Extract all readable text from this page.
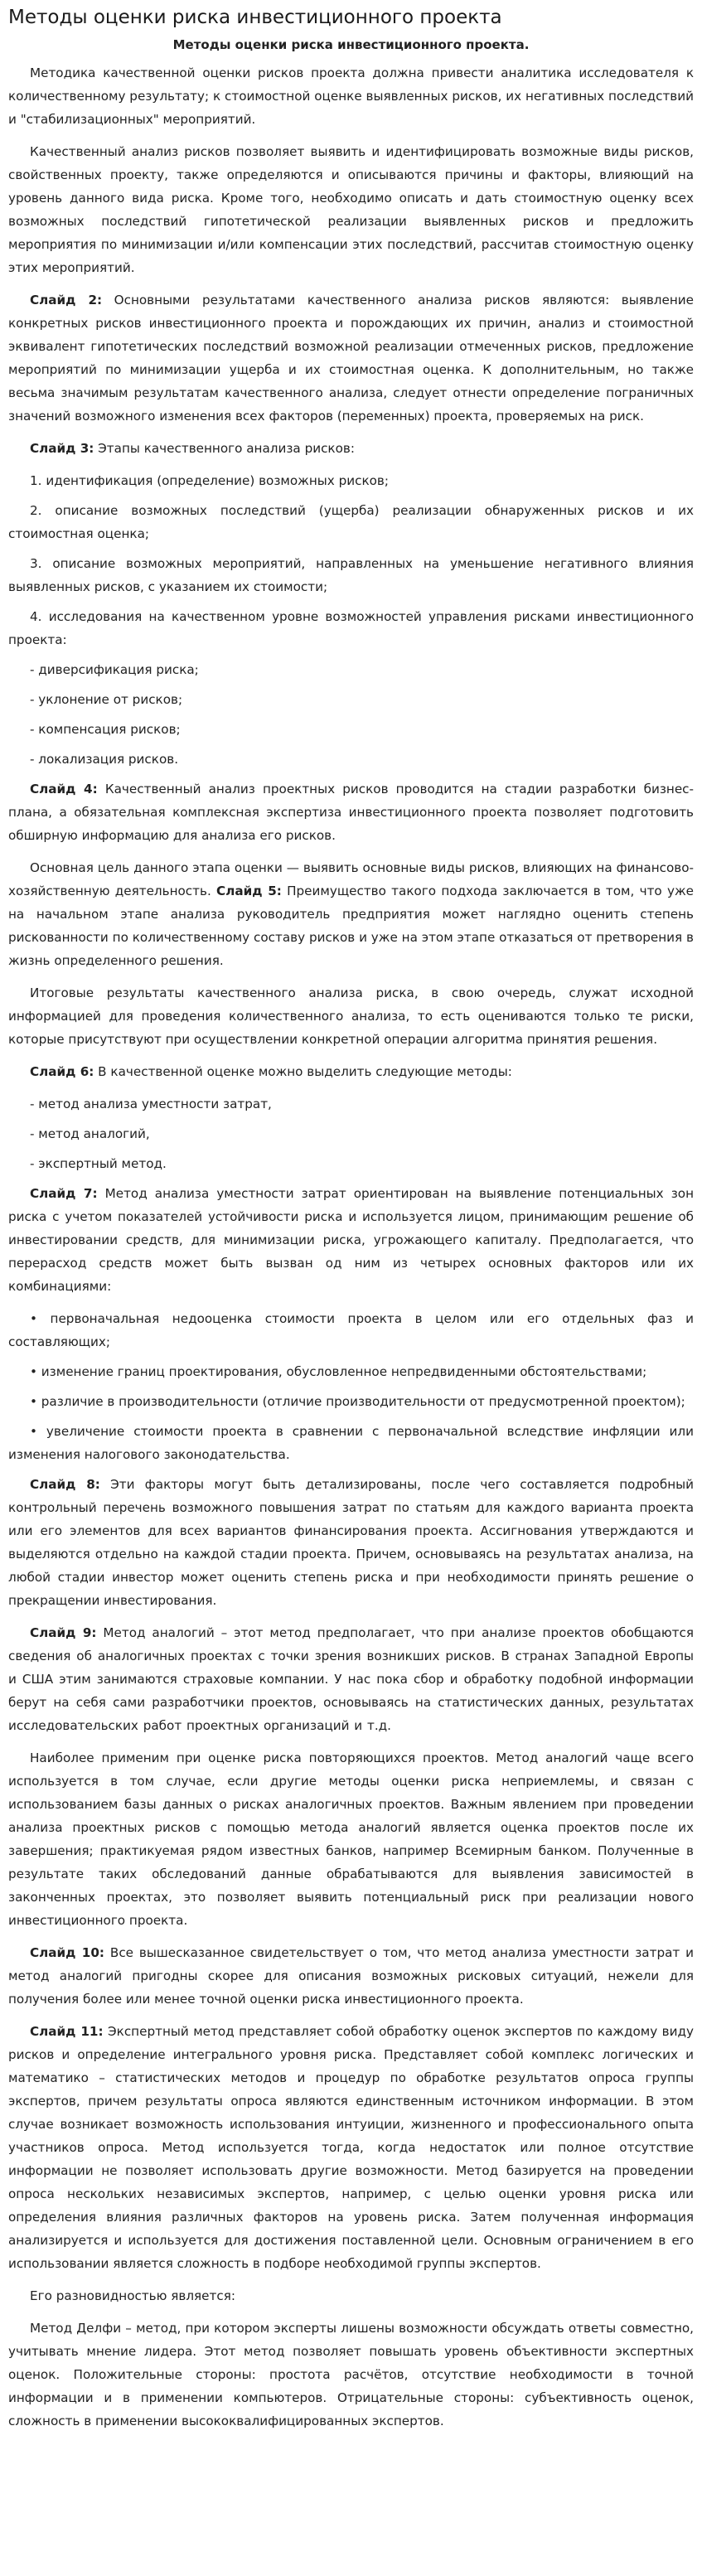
Методы оценки риска инвестиционного проекта
Методы оценки риска инвестиционного проекта.

Методика качественной оценки рисков проекта должна привести аналитика исследователя к количественному результату; к стоимостной оценке выявленных рисков, их негативных последствий и "стабилизационных" мероприятий.

Качественный анализ рисков позволяет выявить и идентифицировать возможные виды рисков, свойственных проекту, также определяются и описываются причины и факторы, влияющий на уровень данного вида риска. Кроме того, необходимо описать и дать стоимостную оценку всех возможных последствий гипотетической реализации выявленных рисков и предложить мероприятия по минимизации и/или компенсации этих последствий, рассчитав стоимостную оценку этих мероприятий.

Слайд 2: Основными результатами качественного анализа рисков являются: выявление конкретных рисков инвестиционного проекта и порождающих их причин, анализ и стоимостной эквивалент гипотетических последствий возможной реализации отмеченных рисков, предложение мероприятий по минимизации ущерба и их стоимостная оценка. К дополнительным, но также весьма значимым результатам качественного анализа, следует отнести определение пограничных значений возможного изменения всех факторов (переменных) проекта, проверяемых на риск.

Слайд 3: Этапы качественного анализа рисков:

1. идентификация (определение) возможных рисков;

2. описание возможных последствий (ущерба) реализации обнаруженных рисков и их стоимостная оценка;

3. описание возможных мероприятий, направленных на уменьшение негативного влияния выявленных рисков, с указанием их стоимости;

4. исследования на качественном уровне возможностей управления рисками инвестиционного проекта:

- диверсификация риска;

- уклонение от рисков;

- компенсация рисков;

- локализация рисков.

Слайд 4: Качественный анализ проектных рисков проводится на стадии разработки бизнес-плана, а обязательная комплексная экспертиза инвестиционного проекта позволяет подготовить обширную информацию для анализа его рисков.

Основная цель данного этапа оценки — выявить основные виды рисков, влияющих на финансово-хозяйственную деятельность. Слайд 5: Преимущество такого подхода заключается в том, что уже на начальном этапе анализа руководитель предприятия может наглядно оценить степень рискованности по количественному составу рисков и уже на этом этапе отказаться от претворения в жизнь определенного решения.

Итоговые результаты качественного анализа риска, в свою очередь, служат исходной информацией для проведения количественного анализа, то есть оцениваются только те риски, которые присутствуют при осуществлении конкретной операции алгоритма принятия решения.

Слайд 6: В качественной оценке можно выделить следующие методы:

- метод анализа уместности затрат,

- метод аналогий,

- экспертный метод.

Слайд 7: Метод анализа уместности затрат ориентирован на выявление потенциальных зон риска с учетом показателей устойчивости риска и используется лицом, принимающим решение об инвестировании средств, для минимизации риска, угрожающего капиталу. Предполагается, что перерасход средств может быть вызван од ним из четырех основных факторов или их комбинациями:

• первоначальная недооценка стоимости проекта в целом или его отдельных фаз и составляющих;

• изменение границ проектирования, обусловленное непредвиденными обстоятельствами;

• различие в производительности (отличие производительности от предусмотренной проектом);

• увеличение стоимости проекта в сравнении с первоначальной вследствие инфляции или изменения налогового законодательства.

Слайд 8: Эти факторы могут быть детализированы, после чего составляется подробный контрольный перечень возможного повышения затрат по статьям для каждого варианта проекта или его элементов для всех вариантов финансирования проекта. Ассигнования утверждаются и выделяются отдельно на каждой стадии проекта. Причем, основываясь на результатах анализа, на любой стадии инвестор может оценить степень риска и при необходимости принять решение о прекращении инвестирования.

Слайд 9: Метод аналогий – этот метод предполагает, что при анализе проектов обобщаются сведения об аналогичных проектах с точки зрения возникших рисков. В странах Западной Европы и США этим занимаются страховые компании. У нас пока сбор и обработку подобной информации берут на себя сами разработчики проектов, основываясь на статистических данных, результатах исследовательских работ проектных организаций и т.д.

Наиболее применим при оценке риска повторяющихся проектов. Метод аналогий чаще всего используется в том случае, если другие методы оценки риска неприемлемы, и связан с использованием базы данных о рисках аналогичных проектов. Важным явлением при проведении анализа проектных рисков с помощью метода аналогий является оценка проектов после их завершения; практикуемая рядом известных банков, например Всемирным банком. Полученные в результате таких обследований данные обрабатываются для выявления зависимостей в законченных проектах, это позволяет выявить потенциальный риск при реализации нового инвестиционного проекта.

Слайд 10: Все вышесказанное свидетельствует о том, что метод анализа уместности затрат и метод аналогий пригодны скорее для описания возможных рисковых ситуаций, нежели для получения более или менее точной оценки риска инвестиционного проекта.

Слайд 11: Экспертный метод представляет собой обработку оценок экспертов по каждому виду рисков и определение интегрального уровня риска. Представляет собой комплекс логических и математико – статистических методов и процедур по обработке результатов опроса группы экспертов, причем результаты опроса являются единственным источником информации. В этом случае возникает возможность использования интуиции, жизненного и профессионального опыта участников опроса. Метод используется тогда, когда недостаток или полное отсутствие информации не позволяет использовать другие возможности. Метод базируется на проведении опроса нескольких независимых экспертов, например, с целью оценки уровня риска или определения влияния различных факторов на уровень риска. Затем полученная информация анализируется и используется для достижения поставленной цели. Основным ограничением в его использовании является сложность в подборе необходимой группы экспертов.

Его разновидностью является:

Метод Делфи – метод, при котором эксперты лишены возможности обсуждать ответы совместно, учитывать мнение лидера. Этот метод позволяет повышать уровень объективности экспертных оценок. Положительные стороны: простота расчётов, отсутствие необходимости в точной информации и в применении компьютеров. Отрицательные стороны: субъективность оценок, сложность в применении высококвалифицированных экспертов.
